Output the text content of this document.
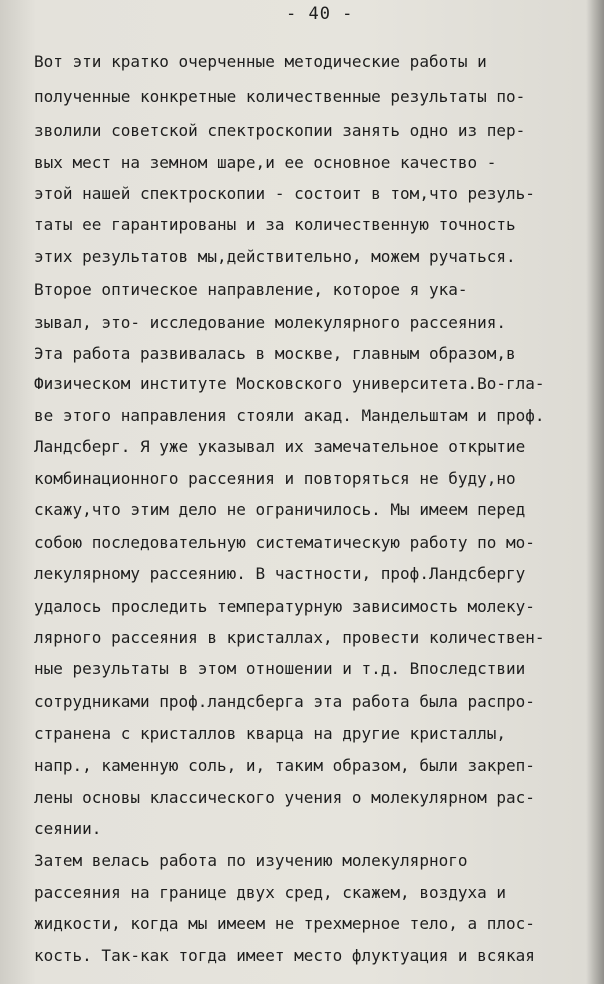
- 40 -
Вот эти кратко очерченные методические работы и
полученные конкретные количественные результаты по-
зволили советской спектроскопии занять одно из пер-
вых мест на земном шаре,и ее основное качество -
этой нашей спектроскопии - состоит в том,что резуль-
таты ее гарантированы и за количественную точность
этих результатов мы,действительно, можем ручаться.
Второе оптическое направление, которое я ука-
зывал, это- исследование молекулярного рассеяния.
Эта работа развивалась в москве, главным образом,в
Физическом институте Московского университета.Во-гла-
ве этого направления стояли акад. Мандельштам и проф.
Ландсберг. Я уже указывал их замечательное открытие
комбинационного рассеяния и повторяться не буду,но
скажу,что этим дело не ограничилось. Мы имеем перед
собою последовательную систематическую работу по мо-
лекулярному рассеянию. В частности, проф.Ландсбергу
удалось проследить температурную зависимость молеку-
лярного рассеяния в кристаллах, провести количествен-
ные результаты в этом отношении и т.д. Впоследствии
сотрудниками проф.ландсберга эта работа была распро-
странена с кристаллов кварца на другие кристаллы,
напр., каменную соль, и, таким образом, были закреп-
лены основы классического учения о молекулярном рас-
сеянии.
Затем велась работа по изучению молекулярного
рассеяния на границе двух сред, скажем, воздуха и
жидкости, когда мы имеем не трехмерное тело, а плос-
кость. Так-как тогда имеет место флуктуация и всякая
